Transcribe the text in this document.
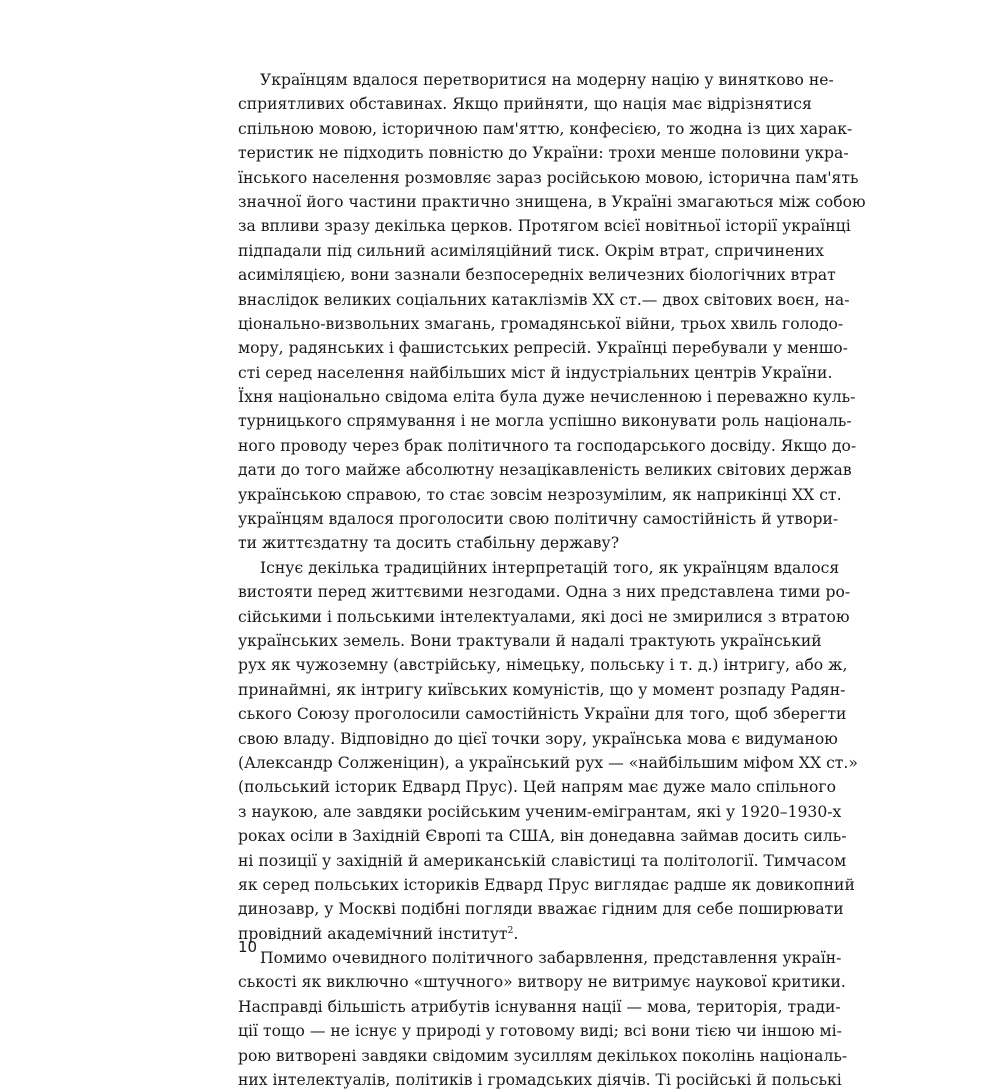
Українцям вдалося перетворитися на модерну націю у винятково не-
сприятливих обставинах. Якщо прийняти, що нація має відрізнятися
спільною мовою, історичною пам'яттю, конфесією, то жодна із цих харак-
теристик не підходить повністю до України: трохи менше половини укра-
їнського населення розмовляє зараз російською мовою, історична пам'ять
значної його частини практично знищена, в Україні змагаються між собою
за впливи зразу декілька церков. Протягом всієї новітньої історії українці
підпадали під сильний асиміляційний тиск. Окрім втрат, спричинених
асиміляцією, вони зазнали безпосередніх величезних біологічних втрат
внаслідок великих соціальних катаклізмів XX ст.— двох світових воєн, на-
ціонально-визвольних змагань, громадянської війни, трьох хвиль голодо-
мору, радянських і фашистських репресій. Українці перебували у меншо-
сті серед населення найбільших міст й індустріальних центрів України.
Їхня національно свідома еліта була дуже нечисленною і переважно куль-
турницького спрямування і не могла успішно виконувати роль національ-
ного проводу через брак політичного та господарського досвіду. Якщо до-
дати до того майже абсолютну незацікавленість великих світових держав
українською справою, то стає зовсім незрозумілим, як наприкінці XX ст.
українцям вдалося проголосити свою політичну самостійність й утвори-
ти життєздатну та досить стабільну державу?
Існує декілька традиційних інтерпретацій того, як українцям вдалося
вистояти перед життєвими незгодами. Одна з них представлена тими ро-
сійськими і польськими інтелектуалами, які досі не змирилися з втратою
українських земель. Вони трактували й надалі трактують український
рух як чужоземну (австрійську, німецьку, польську і т. д.) інтригу, або ж,
принаймні, як інтригу київських комуністів, що у момент розпаду Радян-
ського Союзу проголосили самостійність України для того, щоб зберегти
свою владу. Відповідно до цієї точки зору, українська мова є видуманою
(Александр Солженіцин), а український рух — «найбільшим міфом XX ст.»
(польський історик Едвард Прус). Цей напрям має дуже мало спільного
з наукою, але завдяки російським ученим-емігрантам, які у 1920–1930-х
роках осіли в Західній Європі та США, він донедавна займав досить силь-
ні позиції у західній й американській славістиці та політології. Тимчасом
як серед польських істориків Едвард Прус виглядає радше як довикопний
динозавр, у Москві подібні погляди вважає гідним для себе поширювати
провідний академічний інститут$^2$.
Помимо очевидного політичного забарвлення, представлення україн-
ськості як виключно «штучного» витвору не витримує наукової критики.
Насправді більшість атрибутів існування нації — мова, територія, тради-
ції тощо — не існує у природі у готовому виді; всі вони тією чи іншою мі-
рою витворені завдяки свідомим зусиллям декількох поколінь національ-
них інтелектуалів, політиків і громадських діячів. Ті російські й польські
10
